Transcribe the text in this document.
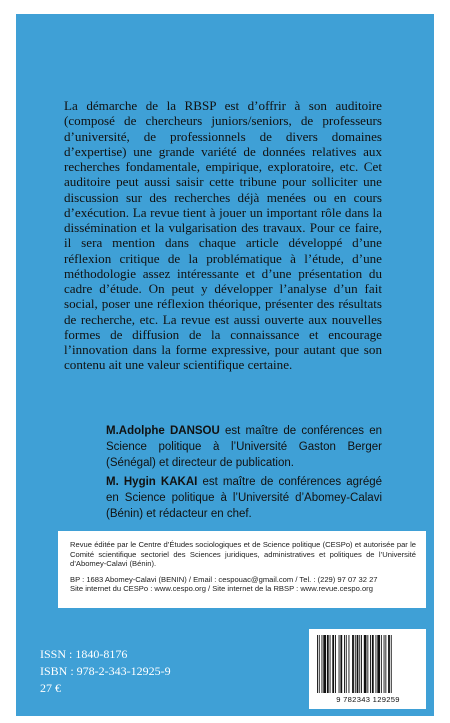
La démarche de la RBSP est d’offrir à son auditoire (composé de chercheurs juniors/seniors, de professeurs d’université, de professionnels de divers domaines d’expertise) une grande variété de données relatives aux recherches fondamentale, empirique, exploratoire, etc. Cet auditoire peut aussi saisir cette tribune pour solliciter une discussion sur des recherches déjà menées ou en cours d’exécution. La revue tient à jouer un important rôle dans la dissémination et la vulgarisation des travaux. Pour ce faire, il sera mention dans chaque article développé d’une réflexion critique de la problématique à l’étude, d’une méthodologie assez intéressante et d’une présentation du cadre d’étude. On peut y développer l’analyse d’un fait social, poser une réflexion théorique, présenter des résultats de recherche, etc. La revue est aussi ouverte aux nouvelles formes de diffusion de la connaissance et encourage l’innovation dans la forme expressive, pour autant que son contenu ait une valeur scientifique certaine.

M.Adolphe DANSOU est maître de conférences en Science politique à l’Université Gaston Berger (Sénégal) et directeur de publication.

M. Hygin KAKAI est maître de conférences agrégé en Science politique à l’Université d’Abomey-Calavi (Bénin) et rédacteur en chef.

Revue éditée par le Centre d’Études sociologiques et de Science politique (CESPo) et autorisée par le Comité scientifique sectoriel des Sciences juridiques, administratives et politiques de l’Université d’Abomey-Calavi (Bénin).

BP : 1683 Abomey-Calavi (BENIN) / Email : cespouac@gmail.com / Tel. : (229) 97 07 32 27

Site internet du CESPo : www.cespo.org / Site internet de la RBSP : www.revue.cespo.org

ISSN : 1840-8176
ISBN : 978-2-343-12925-9
27 €
9 782343 129259
